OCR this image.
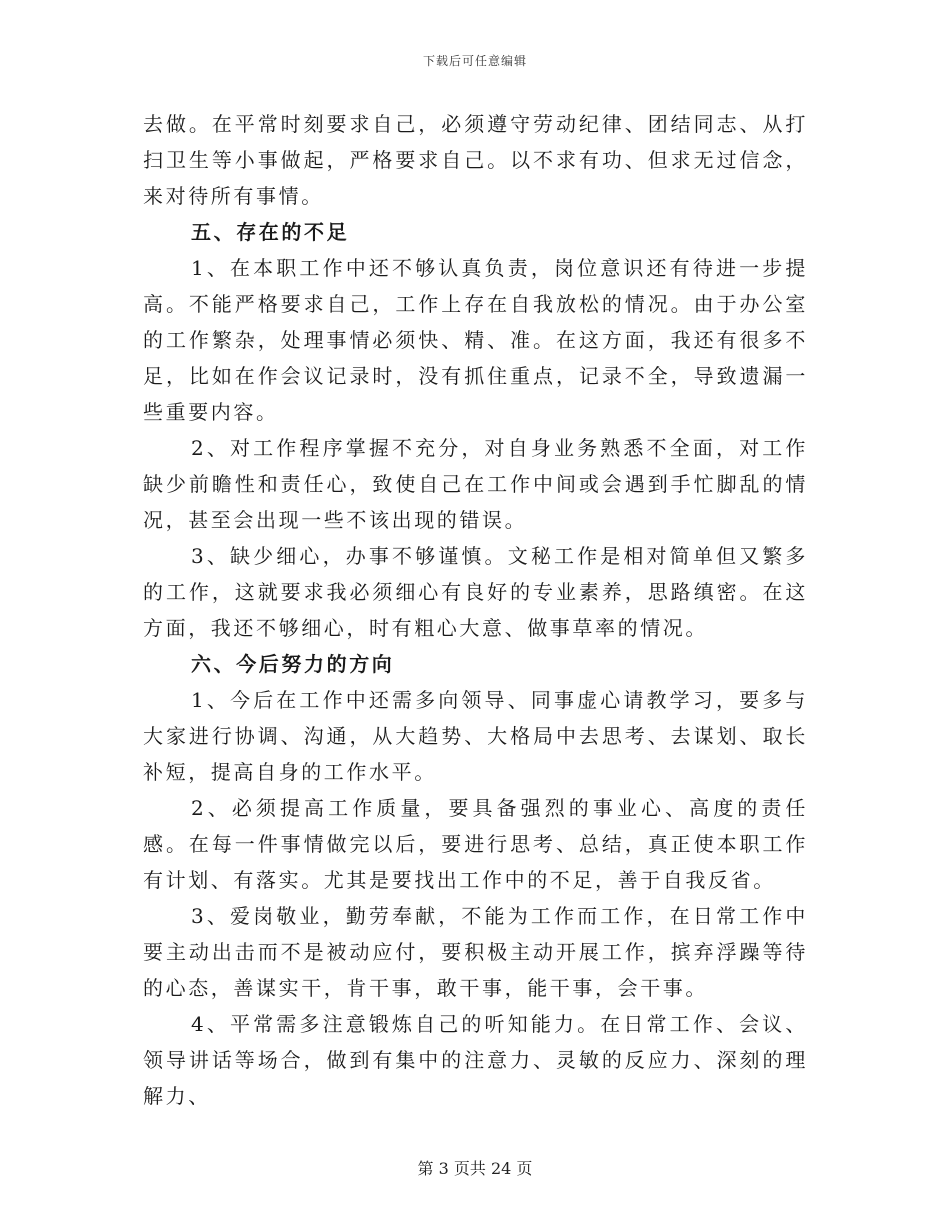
下载后可任意编辑

去做。在平常时刻要求自己，必须遵守劳动纪律、团结同志、从打扫卫生等小事做起，严格要求自己。以不求有功、但求无过信念，来对待所有事情。

五、存在的不足

1、在本职工作中还不够认真负责，岗位意识还有待进一步提高。不能严格要求自己，工作上存在自我放松的情况。由于办公室的工作繁杂，处理事情必须快、精、准。在这方面，我还有很多不足，比如在作会议记录时，没有抓住重点，记录不全，导致遗漏一些重要内容。

2、对工作程序掌握不充分，对自身业务熟悉不全面，对工作缺少前瞻性和责任心，致使自己在工作中间或会遇到手忙脚乱的情况，甚至会出现一些不该出现的错误。

3、缺少细心，办事不够谨慎。文秘工作是相对简单但又繁多的工作，这就要求我必须细心有良好的专业素养，思路缜密。在这方面，我还不够细心，时有粗心大意、做事草率的情况。

六、今后努力的方向

1、今后在工作中还需多向领导、同事虚心请教学习，要多与大家进行协调、沟通，从大趋势、大格局中去思考、去谋划、取长补短，提高自身的工作水平。

2、必须提高工作质量，要具备强烈的事业心、高度的责任感。在每一件事情做完以后，要进行思考、总结，真正使本职工作有计划、有落实。尤其是要找出工作中的不足，善于自我反省。

3、爱岗敬业，勤劳奉献，不能为工作而工作，在日常工作中要主动出击而不是被动应付，要积极主动开展工作，摈弃浮躁等待的心态，善谋实干，肯干事，敢干事，能干事，会干事。

4、平常需多注意锻炼自己的听知能力。在日常工作、会议、领导讲话等场合，做到有集中的注意力、灵敏的反应力、深刻的理解力、

第 3 页共 24 页
